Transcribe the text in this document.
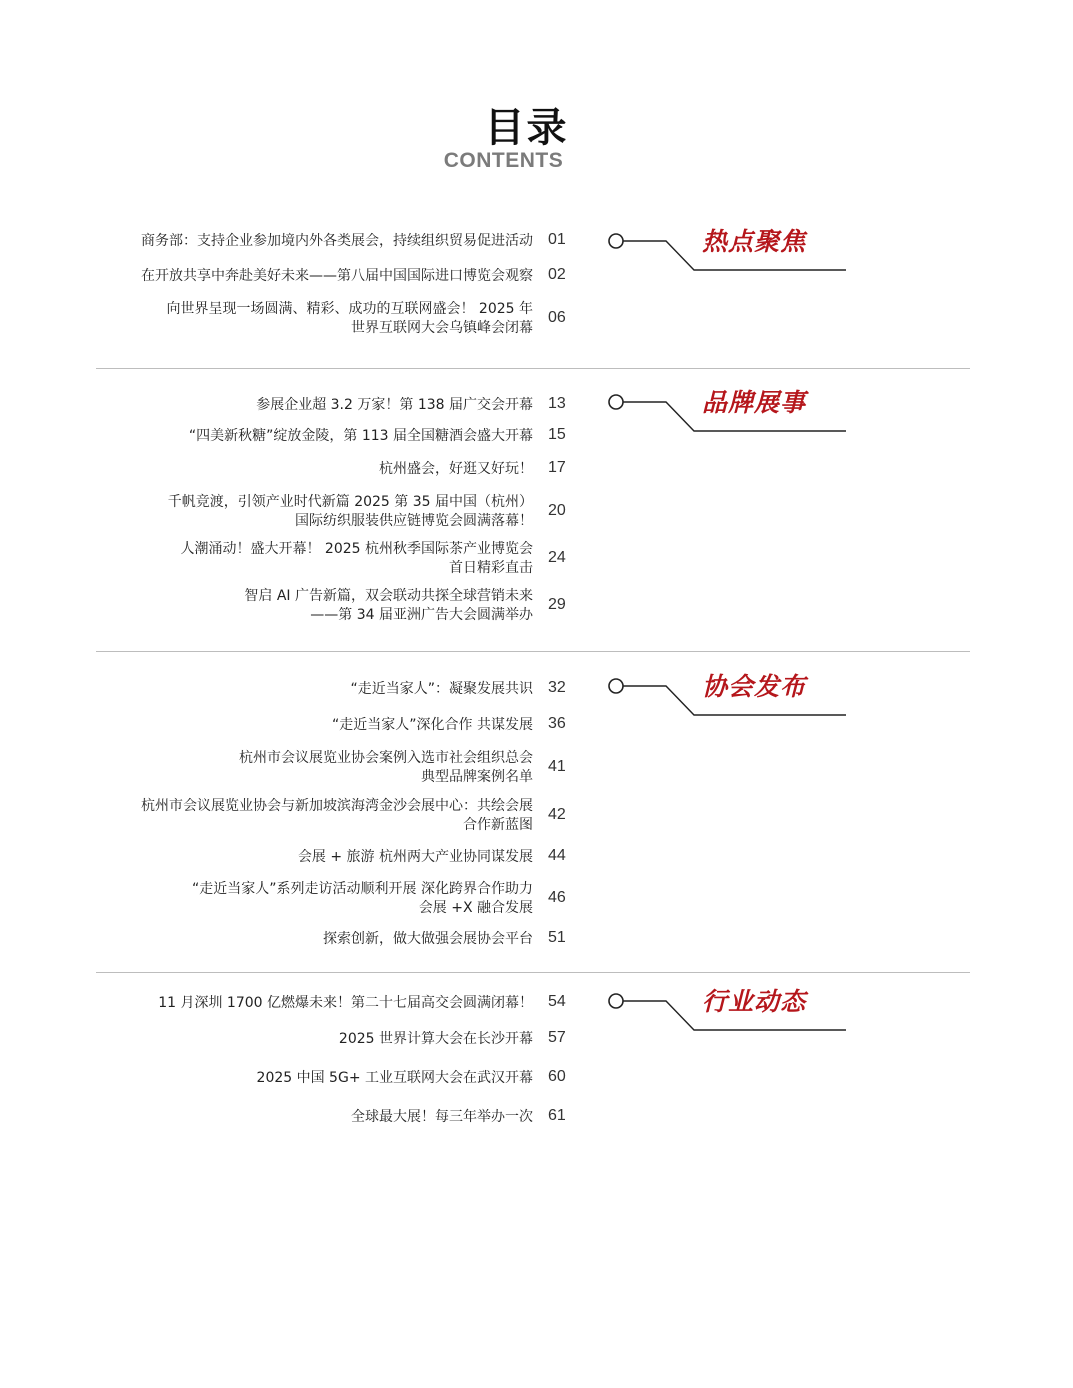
目录
CONTENTS
热点聚焦
商务部：支持企业参加境内外各类展会，持续组织贸易促进活动 01
在开放共享中奔赴美好未来——第八届中国国际进口博览会观察 02
向世界呈现一场圆满、精彩、成功的互联网盛会！ 2025 年
世界互联网大会乌镇峰会闭幕
06
品牌展事
参展企业超 3.2 万家！第 138 届广交会开幕 13
“四美新秋糖”绽放金陵，第 113 届全国糖酒会盛大开幕 15
杭州盛会，好逛又好玩！ 17
千帆竞渡，引领产业时代新篇 2025 第 35 届中国（杭州）
国际纺织服装供应链博览会圆满落幕！
20
人潮涌动！盛大开幕！ 2025 杭州秋季国际茶产业博览会
首日精彩直击
24
智启 AI 广告新篇，双会联动共探全球营销未来
——第 34 届亚洲广告大会圆满举办
29
协会发布
“走近当家人”：凝聚发展共识 32
“走近当家人”深化合作 共谋发展 36
杭州市会议展览业协会案例入选市社会组织总会
典型品牌案例名单
41
杭州市会议展览业协会与新加坡滨海湾金沙会展中心：共绘会展
合作新蓝图
42
会展 + 旅游 杭州两大产业协同谋发展 44
“走近当家人”系列走访活动顺利开展 深化跨界合作助力
会展 +X 融合发展
46
探索创新，做大做强会展协会平台 51
行业动态
11 月深圳 1700 亿燃爆未来！第二十七届高交会圆满闭幕！ 54
2025 世界计算大会在长沙开幕 57
2025 中国 5G+ 工业互联网大会在武汉开幕 60
全球最大展！每三年举办一次 61
